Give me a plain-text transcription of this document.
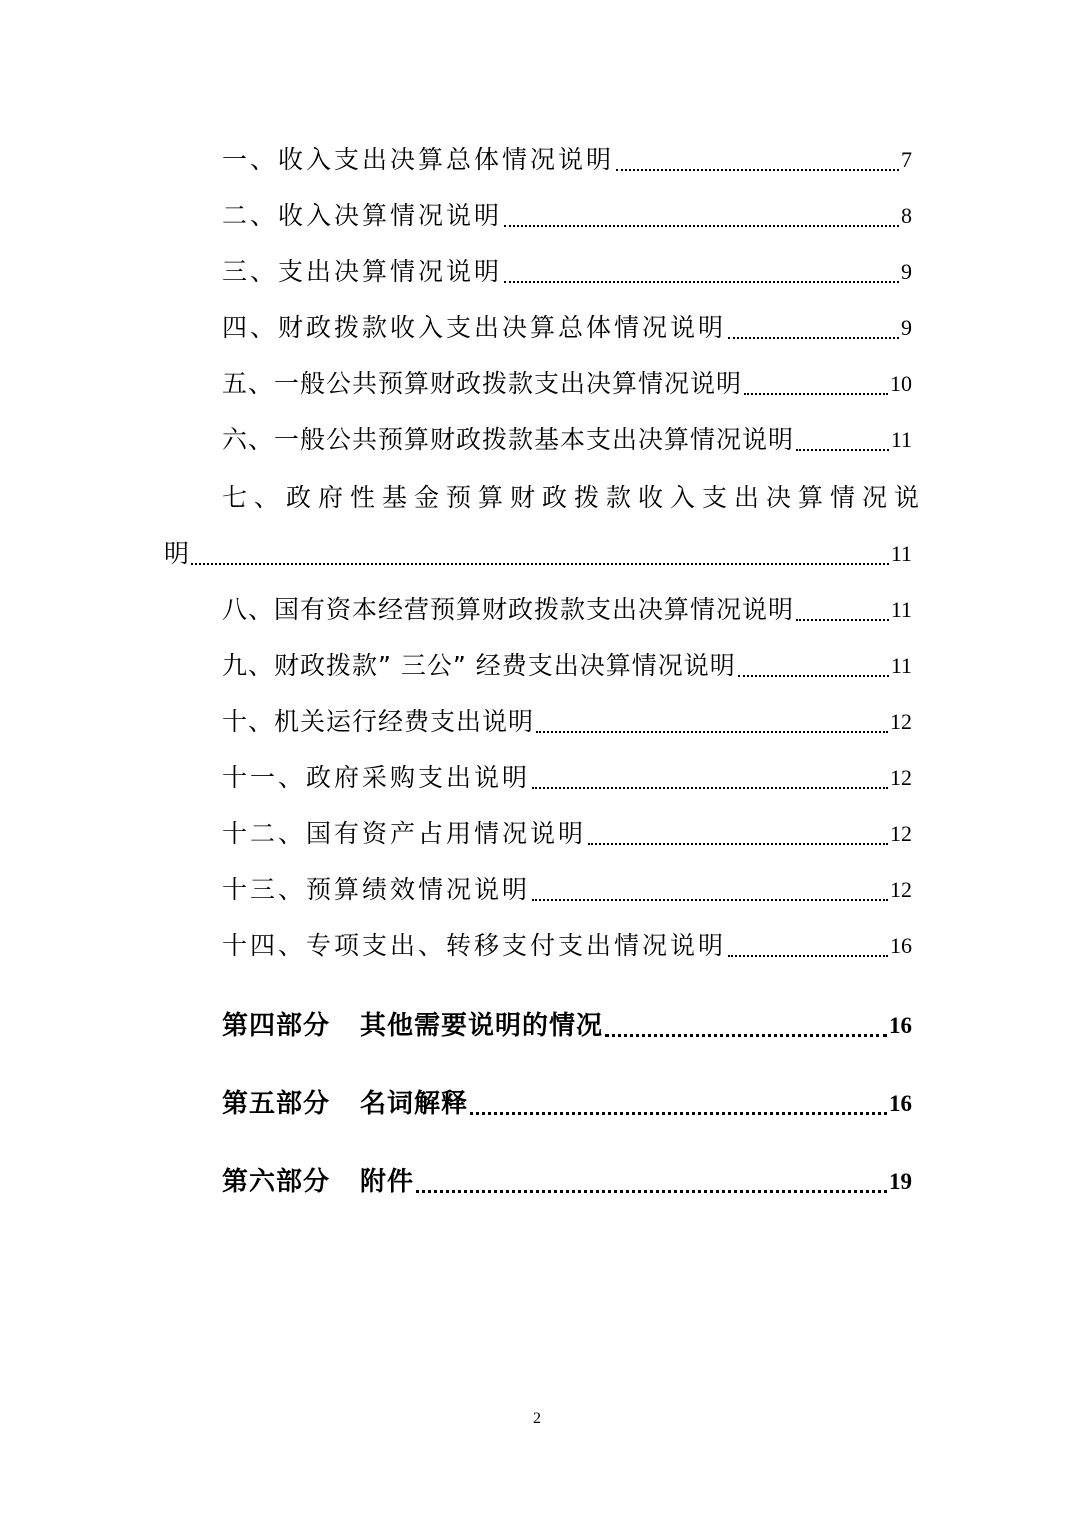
一、收入支出决算总体情况说明	7
二、收入决算情况说明	8
三、支出决算情况说明	9
四、财政拨款收入支出决算总体情况说明	9
五、一般公共预算财政拨款支出决算情况说明	10
六、一般公共预算财政拨款基本支出决算情况说明	11
七、政府性基金预算财政拨款收入支出决算情况说
明	11
八、国有资本经营预算财政拨款支出决算情况说明	11
九、财政拨款” 三公” 经费支出决算情况说明	11
十、机关运行经费支出说明	12
十一、政府采购支出说明	12
十二、国有资产占用情况说明	12
十三、预算绩效情况说明	12
十四、专项支出、转移支付支出情况说明	16
第四部分 其他需要说明的情况	16
第五部分 名词解释	16
第六部分 附件	19
2
